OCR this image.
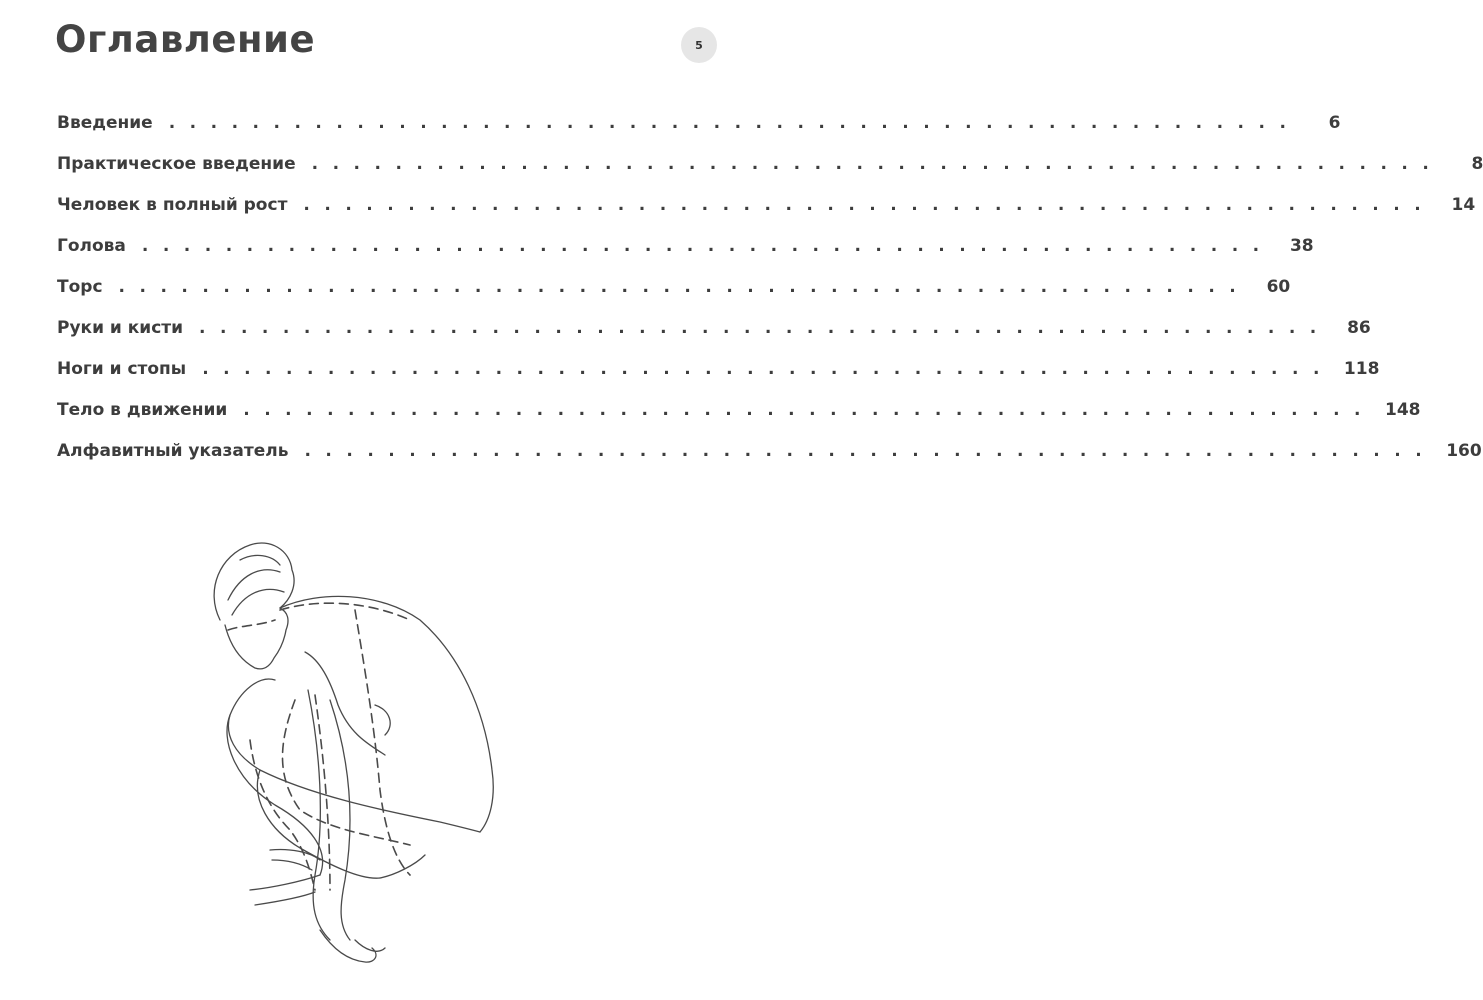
Оглавление	5
Введение ......................................................	6
Практическое введение ......................................................	8
Человек в полный рост ...................................................... 14
Голова ...................................................... 38
Торс ...................................................... 60
Руки и кисти ...................................................... 86
Ноги и стопы ...................................................... 118
Тело в движении ...................................................... 148
Алфавитный указатель ...................................................... 160
